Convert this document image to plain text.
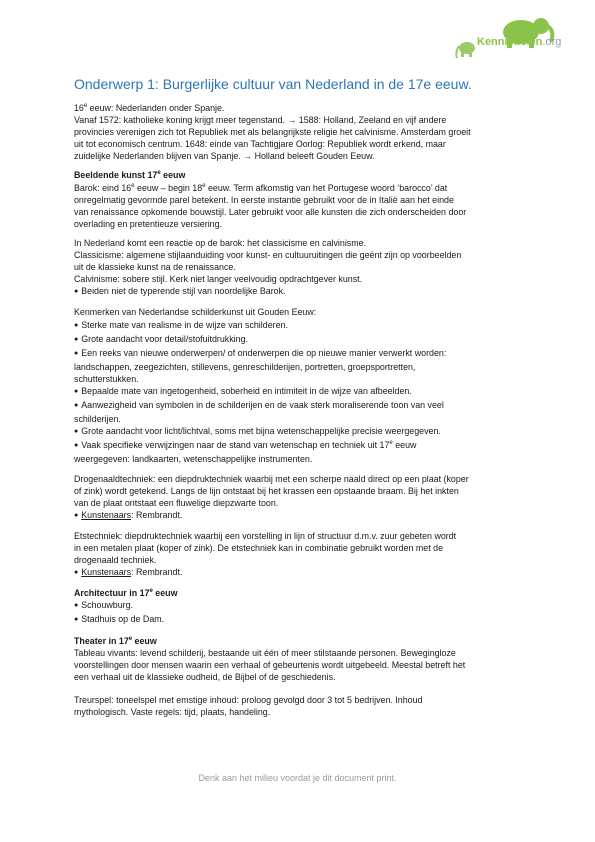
Kennisdelen.org
Onderwerp 1: Burgerlijke cultuur van Nederland in de 17e eeuw.
16e eeuw: Nederlanden onder Spanje.
Vanaf 1572: katholieke koning krijgt meer tegenstand. → 1588: Holland, Zeeland en vijf andere
provincies verenigen zich tot Republiek met als belangrijkste religie het calvinisme. Amsterdam groeit
uit tot economisch centrum. 1648: einde van Tachtigjare Oorlog: Republiek wordt erkend, maar
zuidelijke Nederlanden blijven van Spanje. → Holland beleeft Gouden Eeuw.
Beeldende kunst 17e eeuw
Barok: eind 16e eeuw – begin 18e eeuw. Term afkomstig van het Portugese woord ‘barocco’ dat
onregelmatig gevormde parel betekent. In eerste instantie gebruikt voor de in Italië aan het einde
van renaissance opkomende bouwstijl. Later gebruikt voor alle kunsten die zich onderscheiden door
overlading en pretentieuze versiering.
In Nederland komt een reactie op de barok: het classicisme en calvinisme.
Classicisme: algemene stijlaanduiding voor kunst- en cultuuruitingen die geënt zijn op voorbeelden
uit de klassieke kunst na de renaissance.
Calvinisme: sobere stijl. Kerk niet langer veelvoudig opdrachtgever kunst.
● Beiden niet de typerende stijl van noordelijke Barok.
Kenmerken van Nederlandse schilderkunst uit Gouden Eeuw:
● Sterke mate van realisme in de wijze van schilderen.
● Grote aandacht voor detail/stofuitdrukking.
● Een reeks van nieuwe onderwerpen/ of onderwerpen die op nieuwe manier verwerkt worden:
landschappen, zeegezichten, stillevens, genreschilderijen, portretten, groepsportretten,
schutterstukken.
● Bepaalde mate van ingetogenheid, soberheid en intimiteit in de wijze van afbeelden.
● Aanwezigheid van symbolen in de schilderijen en de vaak sterk moraliserende toon van veel
schilderijen.
● Grote aandacht voor licht/lichtval, soms met bijna wetenschappelijke precisie weergegeven.
● Vaak specifieke verwijzingen naar de stand van wetenschap en techniek uit 17e eeuw
weergegeven: landkaarten, wetenschappelijke instrumenten.
Drogenaaldtechniek: een diepdruktechniek waarbij met een scherpe naald direct op een plaat (koper
of zink) wordt getekend. Langs de lijn ontstaat bij het krassen een opstaande braam. Bij het inkten
van de plaat ontstaat een fluwelige diepzwarte toon.
● Kunstenaars: Rembrandt.
Etstechniek: diepdruktechniek waarbij een vorstelling in lijn of structuur d.m.v. zuur gebeten wordt
in een metalen plaat (koper of zink). De etstechniek kan in combinatie gebruikt worden met de
drogenaald techniek.
● Kunstenaars: Rembrandt.
Architectuur in 17e eeuw
● Schouwburg.
● Stadhuis op de Dam.
Theater in 17e eeuw
Tableau vivants: levend schilderij, bestaande uit één of meer stilstaande personen. Beweginglоze
voorstellingen door mensen waarin een verhaal of gebeurtenis wordt uitgebeeld. Meestal betreft het
een verhaal uit de klassieke oudheid, de Bijbel of de geschiedenis.
Treurspel: toneelspel met emstige inhoud: proloog gevolgd door 3 tot 5 bedrijven. Inhoud
mythologisch. Vaste regels: tijd, plaats, handeling.
Denk aan het milieu voordat je dit document print.
